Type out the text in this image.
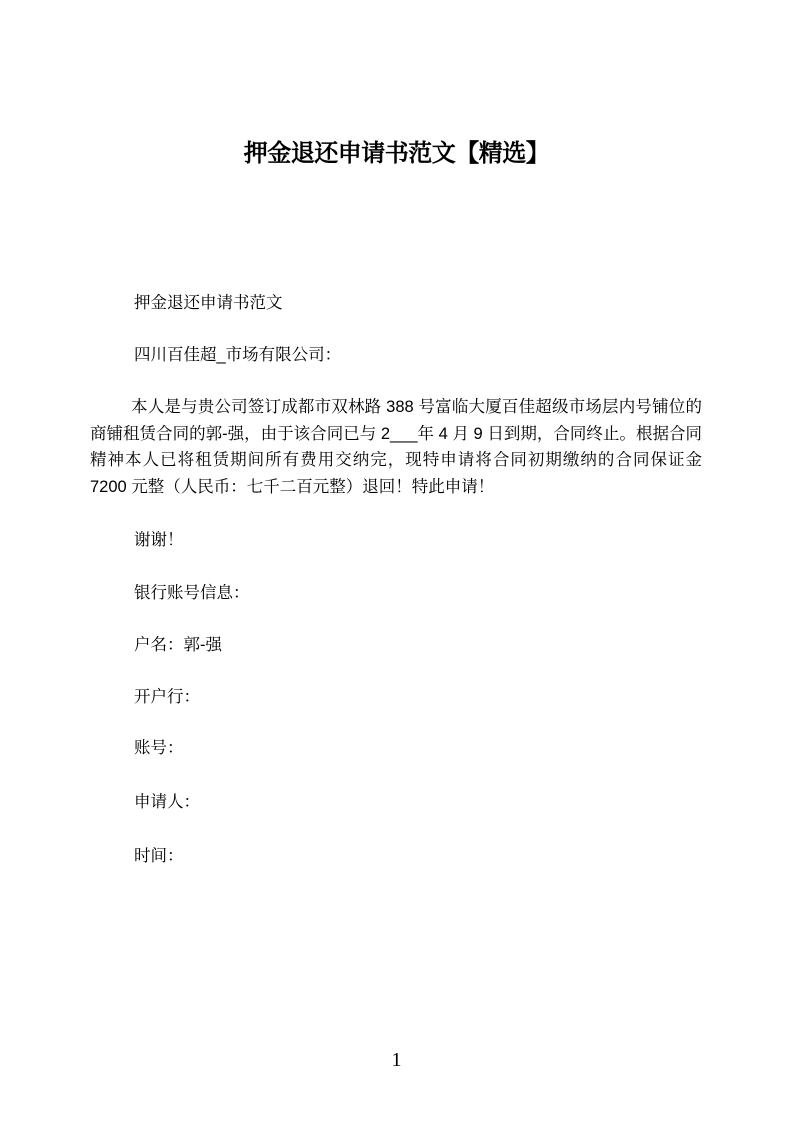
押金退还申请书范文【精选】
押金退还申请书范文
四川百佳超_市场有限公司：
本人是与贵公司签订成都市双林路 388 号富临大厦百佳超级市场层内号铺位的商铺租赁合同的郭-强，由于该合同已与 2___年 4 月 9 日到期，合同终止。根据合同精神本人已将租赁期间所有费用交纳完，现特申请将合同初期缴纳的合同保证金 7200 元整（人民币：七千二百元整）退回！特此申请！
谢谢！
银行账号信息：
户名：郭-强
开户行：
账号：
申请人：
时间：
1
